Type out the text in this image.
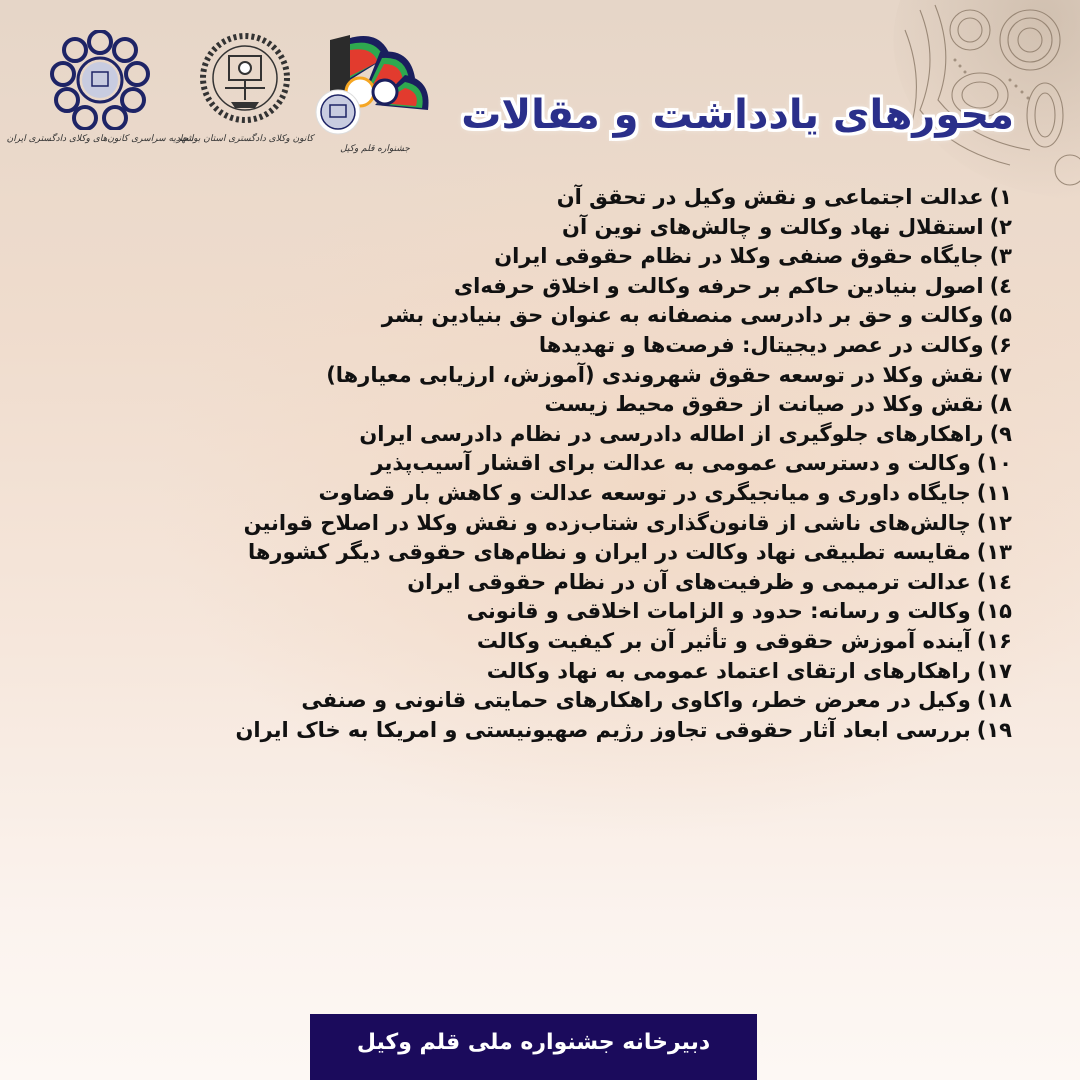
اتحادیه سراسری کانون‌های وکلای دادگستری ایران
کانون وکلای دادگستری استان بوشهر
جشنواره قلم وکیل
محورهای یادداشت و مقالات
۱)عدالت اجتماعی و نقش وکیل در تحقق آن
۲)استقلال نهاد وکالت و چالش‌های نوین آن
۳)جایگاه حقوق صنفی وکلا در نظام حقوقی ایران
٤)اصول بنیادین حاکم بر حرفه وکالت و اخلاق حرفه‌ای
۵)وکالت و حق بر دادرسی منصفانه به عنوان حق بنیادین بشر
۶)وکالت در عصر دیجیتال: فرصت‌ها و تهدیدها
۷)نقش وکلا در توسعه حقوق شهروندی (آموزش، ارزیابی معیارها)
۸)نقش وکلا در صیانت از حقوق محیط زیست
۹)راهکارهای جلوگیری از اطاله دادرسی در نظام دادرسی ایران
۱۰)وکالت و دسترسی عمومی به عدالت برای اقشار آسیب‌پذیر
۱۱)جایگاه داوری و میانجیگری در توسعه عدالت و کاهش بار قضاوت
۱۲)چالش‌های ناشی از قانون‌گذاری شتاب‌زده و نقش وکلا در اصلاح قوانین
۱۳)مقایسه تطبیقی نهاد وکالت در ایران و نظام‌های حقوقی دیگر کشورها
۱٤)عدالت ترمیمی و ظرفیت‌های آن در نظام حقوقی ایران
۱۵)وکالت و رسانه: حدود و الزامات اخلاقی و قانونی
۱۶)آینده آموزش حقوقی و تأثیر آن بر کیفیت وکالت
۱۷)راهکارهای ارتقای اعتماد عمومی به نهاد وکالت
۱۸)وکیل در معرض خطر، واکاوی راهکارهای حمایتی قانونی و صنفی
۱۹)بررسی ابعاد آثار حقوقی تجاوز رژیم صهیونیستی و امریکا به خاک ایران
دبیرخانه جشنواره ملی قلم وکیل
